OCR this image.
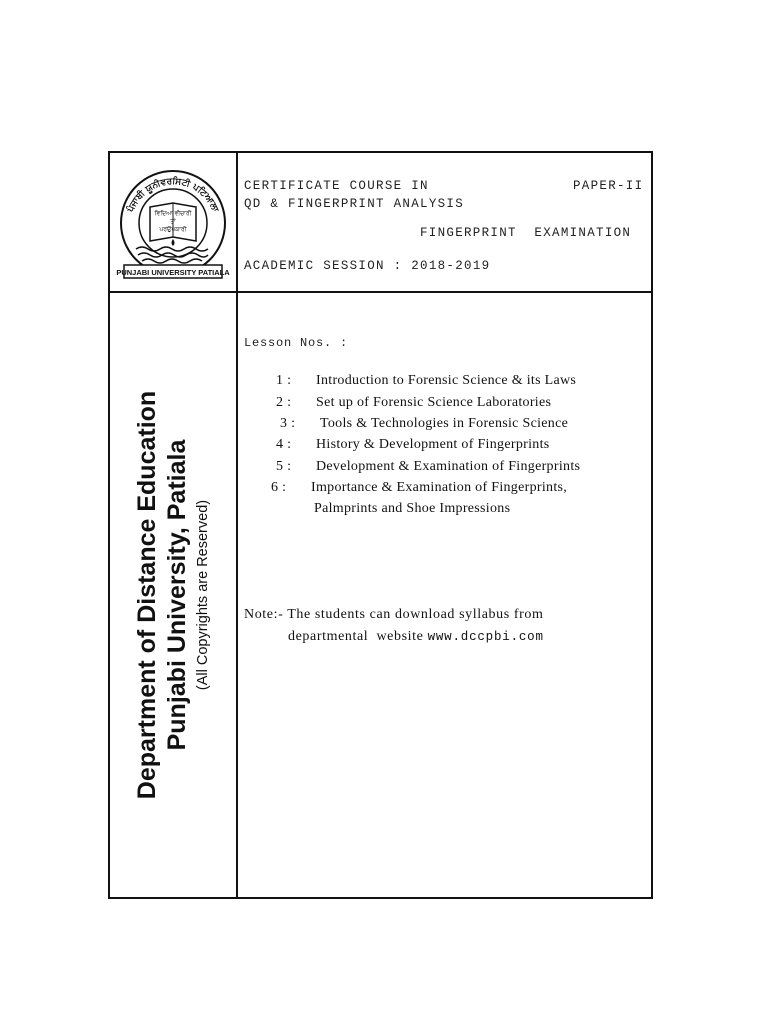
ਪੰਜਾਬੀ ਯੂਨੀਵਰਸਿਟੀ ਪਟਿਆਲਾ
ਵਿਦਿਆ ਵੀਚਾਰੀ
ਤਾਂ
ਪਰਉਪਕਾਰੀ
PUNJABI UNIVERSITY PATIALA
CERTIFICATE COURSE IN	PAPER-II
QD & FINGERPRINT ANALYSIS
FINGERPRINT  EXAMINATION
ACADEMIC SESSION : 2018-2019
Department of Distance Education Punjabi University, Patiala (All Copyrights are Reserved)
Lesson Nos. :
1 : Introduction to Forensic Science & its Laws
2 : Set up of Forensic Science Laboratories
3 : Tools & Technologies in Forensic Science
4 : History & Development of Fingerprints
5 : Development & Examination of Fingerprints
6 : Importance & Examination of Fingerprints,
Palmprints and Shoe Impressions
Note:- The students can download syllabus from
departmental  website www.dccpbi.com
